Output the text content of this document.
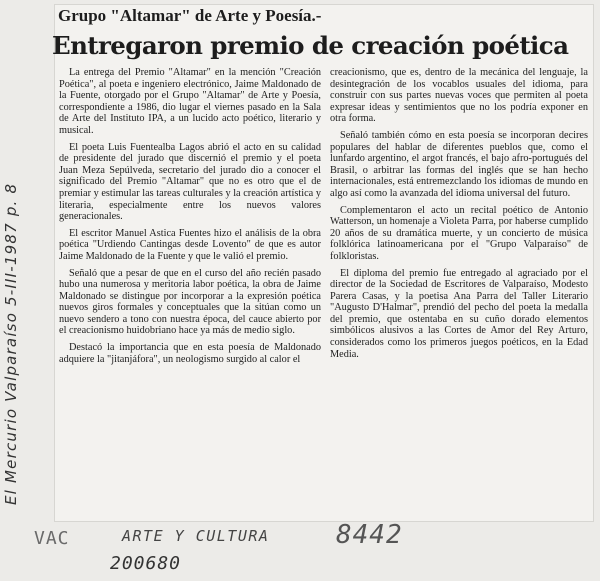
Grupo "Altamar" de Arte y Poesía.-
Entregaron premio de creación poética

La entrega del Premio "Altamar" en la mención "Creación Poética", al poeta e ingeniero electrónico, Jaime Maldonado de la Fuente, otorgado por el Grupo "Altamar" de Arte y Poesía, correspondiente a 1986, dio lugar el viernes pasado en la Sala de Arte del Instituto IPA, a un lucido acto poético, literario y musical.

El poeta Luis Fuentealba Lagos abrió el acto en su calidad de presidente del jurado que discernió el premio y el poeta Juan Meza Sepúlveda, secretario del jurado dio a conocer el significado del Premio "Altamar" que no es otro que el de premiar y estimular las tareas culturales y la creación artística y literaria, especialmente entre los nuevos valores generacionales.

El escritor Manuel Astica Fuentes hizo el análisis de la obra poética "Urdiendo Cantingas desde Lovento" de que es autor Jaime Maldonado de la Fuente y que le valió el premio.

Señaló que a pesar de que en el curso del año recién pasado hubo una numerosa y meritoria labor poética, la obra de Jaime Maldonado se distingue por incorporar a la expresión poética nuevos giros formales y conceptuales que la sitúan como un nuevo sendero a tono con nuestra época, del cauce abierto por el creacionismo huidobriano hace ya más de medio siglo.

Destacó la importancia que en esta poesía de Maldonado adquiere la "jitanjáfora", un neologismo surgido al calor el

creacionismo, que es, dentro de la mecánica del lenguaje, la desintegración de los vocablos usuales del idioma, para construir con sus partes nuevas voces que permiten al poeta expresar ideas y sentimientos que no los podría exponer en otra forma.

Señaló también cómo en esta poesía se incorporan decires populares del hablar de diferentes pueblos que, como el lunfardo argentino, el argot francés, el bajo afro-portugués del Brasil, o arbitrar las formas del inglés que se han hecho internacionales, está entremezclando los idiomas de mundo en algo así como la avanzada del idioma universal del futuro.

Complementaron el acto un recital poético de Antonio Watterson, un homenaje a Violeta Parra, por haberse cumplido 20 años de su dramática muerte, y un concierto de música folklórica latinoamericana por el "Grupo Valparaíso" de folkloristas.

El diploma del premio fue entregado al agraciado por el director de la Sociedad de Escritores de Valparaíso, Modesto Parera Casas, y la poetisa Ana Parra del Taller Literario "Augusto D'Halmar", prendió del pecho del poeta la medalla del premio, que ostentaba en su cuño dorado elementos simbólicos alusivos a las Cortes de Amor del Rey Arturo, considerados como los primeros juegos poéticos, en la Edad Media.

El Mercurio Valparaíso 5-III-1987 p. 8
VAC	ARTE Y CULTURA	8442
200680
